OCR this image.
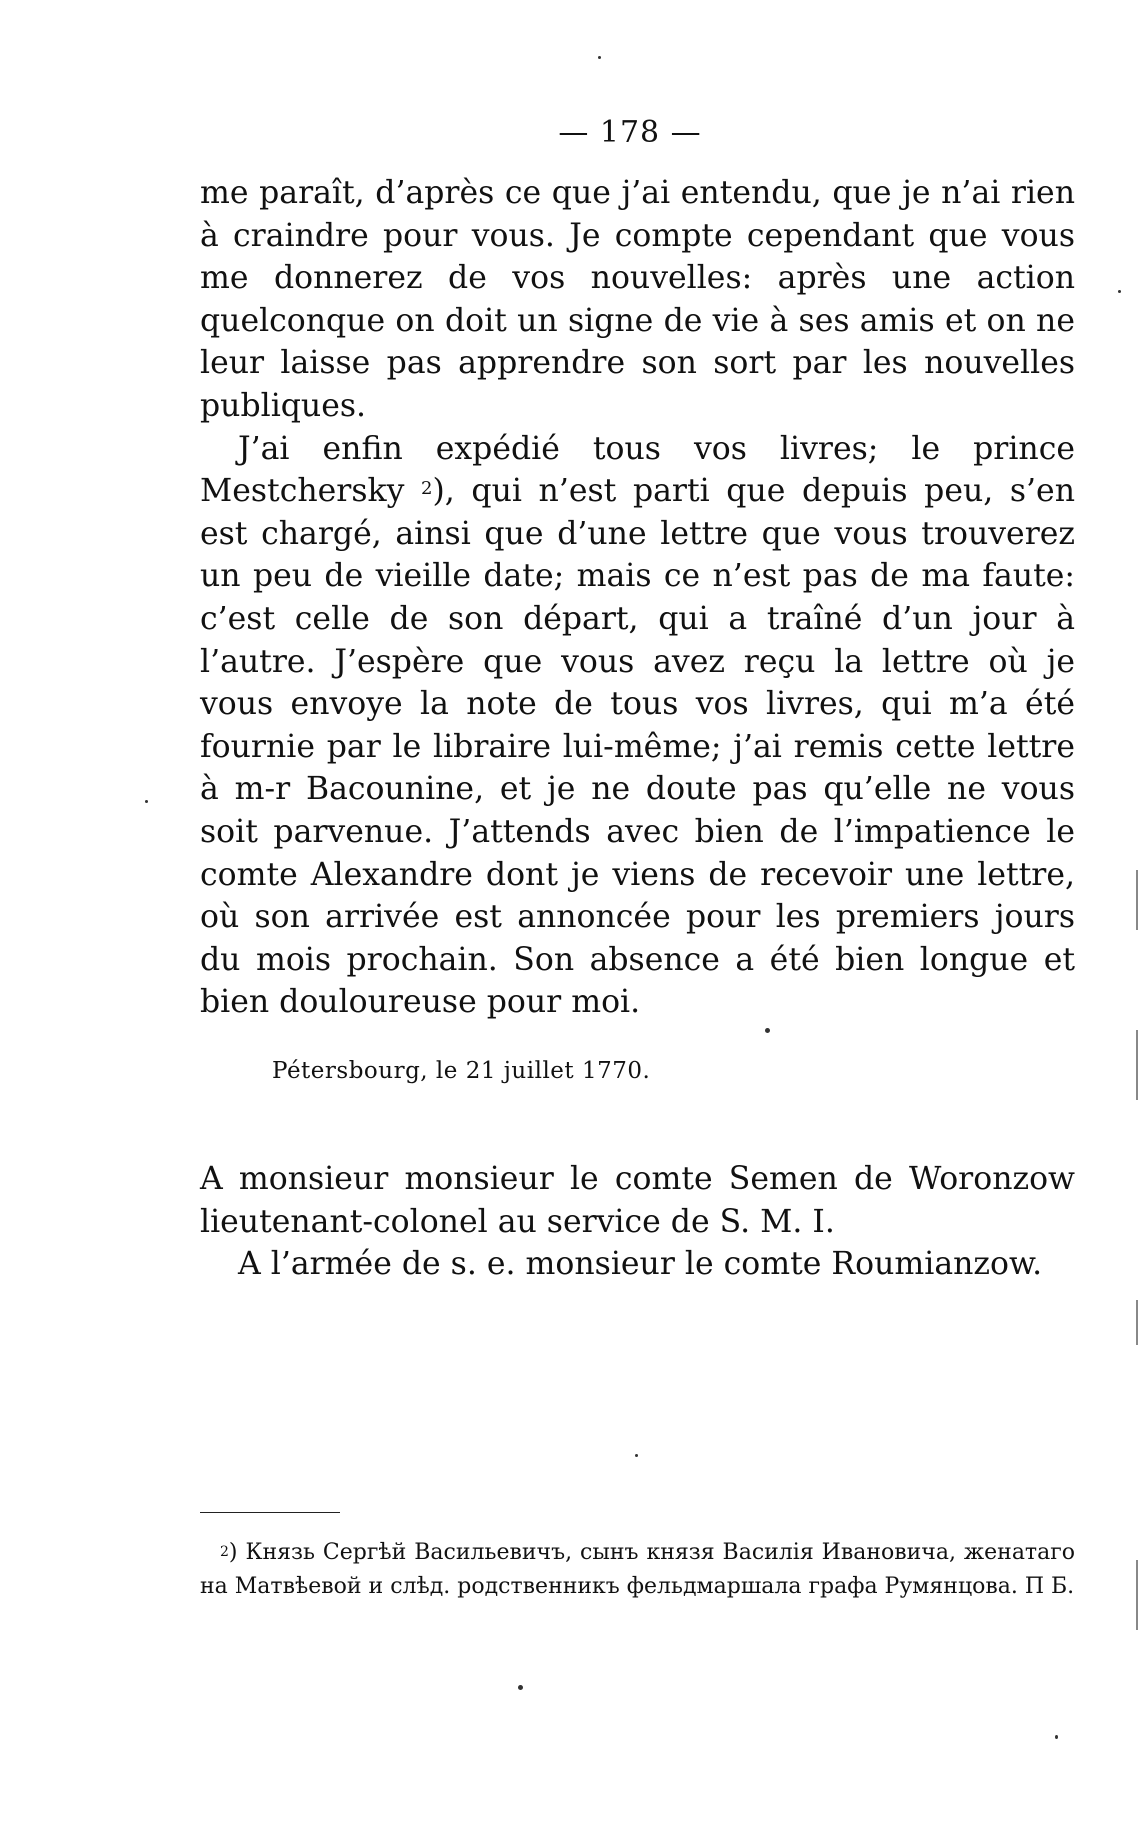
— 178 —

me paraît, d’après ce que j’ai entendu, que je n’ai rien à craindre pour vous. Je compte cependant que vous me donnerez de vos nouvelles: après une action quelconque on doit un signe de vie à ses amis et on ne leur laisse pas apprendre son sort par les nouvelles publiques.

J’ai enfin expédié tous vos livres; le prince Mestchersky $^2$), qui n’est parti que depuis peu, s’en est chargé, ainsi que d’une lettre que vous trouverez un peu de vieille date; mais ce n’est pas de ma faute: c’est celle de son départ, qui a traîné d’un jour à l’autre. J’espère que vous avez reçu la lettre où je vous envoye la note de tous vos livres, qui m’a été fournie par le libraire lui-même; j’ai remis cette lettre à m-r Bacounine, et je ne doute pas qu’elle ne vous soit parvenue. J’attends avec bien de l’impatience le comte Alexandre dont je viens de recevoir une lettre, où son arrivée est annoncée pour les premiers jours du mois prochain. Son absence a été bien longue et bien douloureuse pour moi.

Pétersbourg, le 21 juillet 1770.

A monsieur monsieur le comte Semen de Woronzow lieutenant-colonel au service de S. M. I.

A l’armée de s. e. monsieur le comte Roumianzow.

$^2$) Князь Сергѣй Васильевичъ, сынъ князя Василія Ивановича, женатаго на Матвѣевой и слѣд. родственникъ фельдмаршала графа Румянцова. П Б.
